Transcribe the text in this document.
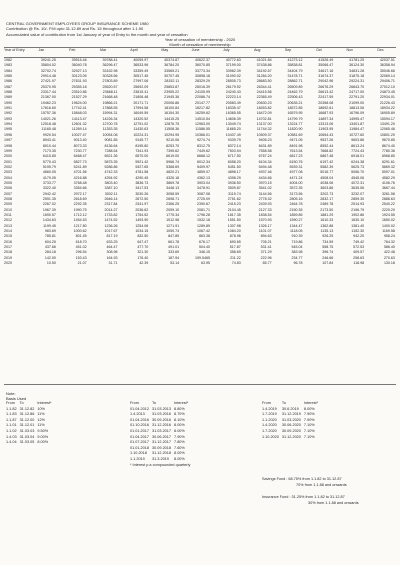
CENTRAL GOVERNMENT EMPLOYEES GROUP INSURANCE SCHEME 1980
Contribution @ Rs. 10/- P.M upto 31.12.89 and Rs. 15 throughout after 1.1.90
Accumulated value of contribution from 1st January of year of Entry to the month and year of cessation
Year of cessation of membership - 2020
Month of cessation of membership
Year of Entry	Jan	Feb	Mar	April	May	June	July	Aug	Sep	Oct	Nov	Dec
1982	39241.25	39515.46	39788.41	40059.97	40374.87	40622.37	40772.63	41021.84	41273.12	41526.49	41781.25	42037.51
1983	35804.02	36040.78	36296.47	36533.96	36784.20	36070.85	37199.00	37438.86	35838.81	35066.47	36124.30	36358.94
1984	32702.74	32927.13	33152.98	33359.49	33565.21	33773.34	33982.39	34192.67	34404.79	34617.16	34831.28	35046.66
1985	29914.48	30123.05	30328.56	30517.45	30707.45	30898.18	31090.02	31284.20	31478.71	31674.37	31875.18	32069.14
1986	27421.97	27631.93	27803.89	27997.06	28152.11	28329.29	28505.73	28683.50	28862.71	29042.96	29224.31	29406.71
1987	25370.95	25355.18	25520.57	25692.09	25853.87	26016.39	26179.92	26344.41	26509.89	26676.29	26843.70	27012.10
1988	23317.44	23510.86	23668.11	23815.41	23955.22	24105.99	24240.43	24415.56	24462.79	26613.42	24717.00	24873.45
1989	21367.00	21527.29	21668.48	21806.48	21945.36	22086.74	22223.14	22365.49	22506.43	22417.59	22791.20	22934.01
1990	19462.23	19624.00	19866.21	20171.71	20006.86	20147.77	20583.49	20630.23	20635.21	20358.08	21099.00	21226.43
1991	17616.60	17742.41	17868.55	17994.58	18100.84	18217.82	18335.47	18453.82	18572.85	18692.61	18813.06	18934.22
1992	15757.36	15848.03	15994.31	16049.59	16154.30	16259.62	16365.55	16472.09	16579.95	16687.93	16796.09	16905.89
1993	14021.26	14113.47	14226.34	14320.52	14415.25	14510.54	14606.39	14702.81	14799.79	14897.34	14995.47	15094.17
1994	12518.48	12601.32	12700.78	12791.02	12876.75	12963.00	13049.74	13137.00	13224.77	13313.06	13401.87	13491.20
1995	11165.48	11269.14	11353.35	11430.63	11508.36	11586.55	11665.20	11744.32	11820.90	11903.95	11984.47	12065.46
1996	9920.54	10027.47	10054.08	10224.31	10294.95	10366.01	10437.49	10509.37	10581.69	10654.43	10727.60	10801.20
1997	8943.41	9013.40	9081.85	9145.77	9210.06	9274.74	9339.79	9405.23	9471.05	9537.26	9603.86	9670.85
1998	8010.44	8073.33	8136.64	8195.80	8253.70	8312.75	8372.14	8431.89	8491.98	8552.44	8613.24	8674.40
1999	7173.35	7230.77	7288.54	7341.93	7395.62	7449.62	7503.94	7558.58	7613.54	7668.82	7724.43	7780.36
2000	6415.85	6468.47	6521.36	6570.00	6619.00	6668.12	6717.50	6767.24	6817.23	6867.48	6918.01	6968.80
2001	5770.43	5827.73	5875.35	5921.42	5966.74	6012.34	6058.20	6104.34	6150.76	6197.42	6244.38	6291.61
2002	5195.79	5241.89	5286.86	5327.65	5368.69	5409.97	5451.50	5494.48	5539.31	5582.39	5625.73	5669.32
2003	4660.05	4701.56	4742.33	4781.58	4820.21	4859.07	4898.17	4937.46	4977.08	5016.77	5056.70	5097.01
2004	4179.05	4216.88	4254.92	4290.45	4326.18	4362.13	4398.29	4434.66	4471.24	4508.04	4545.06	4582.29
2005	3733.77	3768.48	3803.40	3836.73	3869.78	3903.04	3936.50	3970.15	4004.00	4038.06	4072.31	4106.76
2006	3322.40	3354.66	3387.10	3417.53	3448.13	3478.91	3509.87	3541.02	3572.35	3603.86	3635.56	3667.44
2007	2942.42	2972.17	3002.11	3030.26	3058.59	3087.08	3115.74	3144.56	3173.56	3202.73	3232.07	3261.58
2008	2591.35	2618.69	2646.14	2672.50	2698.71	2725.09	2751.62	2778.32	2805.16	2832.17	2859.30	2886.63
2009	2267.02	2292.35	2317.84	2341.97	2366.25	2390.67	2415.23	2439.93	2464.78	2489.78	2514.93	2540.22
2010	1967.39	1990.75	2014.27	2036.62	2059.10	2081.71	2104.45	2127.33	2150.35	2173.50	2196.79	2220.20
2011	1690.57	1712.12	1733.82	1754.52	1775.34	1796.28	1817.35	1838.54	1859.85	1881.29	1902.86	1924.55
2012	1434.63	1454.53	1474.52	1493.90	1512.98	1532.18	1551.50	1570.93	1590.27	1610.33	1630.10	1650.02
2013	1199.45	1217.80	1236.26	1254.06	1271.91	1289.89	1307.98	1326.17	1344.47	1362.88	1381.40	1400.02
2014	983.69	1000.62	1017.67	1034.15	1050.74	1067.42	1084.20	1101.07	1118.05	1135.13	1152.30	1169.58
2015	785.81	801.45	817.19	832.50	847.89	863.38	878.96	894.63	910.39	926.25	942.20	958.24
2016	604.25	618.70	633.25	647.47	661.78	676.17	690.65	705.21	719.86	734.59	749.42	764.32
2017	437.66	451.02	464.47	477.70	491.01	504.40	517.87	531.41	545.04	558.75	572.53	586.40
2018	284.18	296.54	308.98	321.30	333.69	346.15	358.69	371.29	383.98	396.74	409.57	422.48
2019	142.00	153.43	164.93	176.40	187.94	199.5465	211.22	222.96	234.77	246.66	258.63	270.63
2020	10.50	21.07	31.71	42.39	53.14	63.95	74.83	85.77	96.78	107.84	118.98	130.18
Note:
Basis Used
From	To	Interest*
1.1.82	31.12.82	10%
1.1.83	31.12.86	11%
1.1.87	31.12.00	12%
1.1.01	31.12.01	11%
1.1.02	31.03.03	9.50%
1.4.03	31.03.04	9.00%
1.4.04	31.03.05	8.00%
From	To	Interest*
01.04.2012	31.03.2013	8.80%
1.4.2013	31.03.2016	8.70%
01.04.2016	30.09.2016	8.10%
01.10.2016	31.12.2016	8.00%
01.01.2017	31.03.2017	8.00%
01.04.2017	30.06.2017	7.90%
01.07.2017	31.12.2017	7.80%
01.01.2018	30.09.2018	7.60%
1.10.2018	31.12.2018	8.00%
1.1.2019	31.3.2019	8.00%
* Interest p.a compounded quarterly
From	To	Interest*
1.4.2019	30.6.2019	8.00%
1.7.2019	31.12.2019	7.90%
1.1.2020	31.03.2020	7.90%
1.4.2020	30.06.2020	7.10%
1.7.2020	30.09.2020	7.10%
1.10.2020	31.12.2020	7.10%
Savings Fund : 68.75% from 1.1.82 to 31.12.87
70% from 1.1.88 and onwards
Insurance Fund : 31.25% from 1.1.82 to 31.12.87
30% from 1.1.88 and onwards
